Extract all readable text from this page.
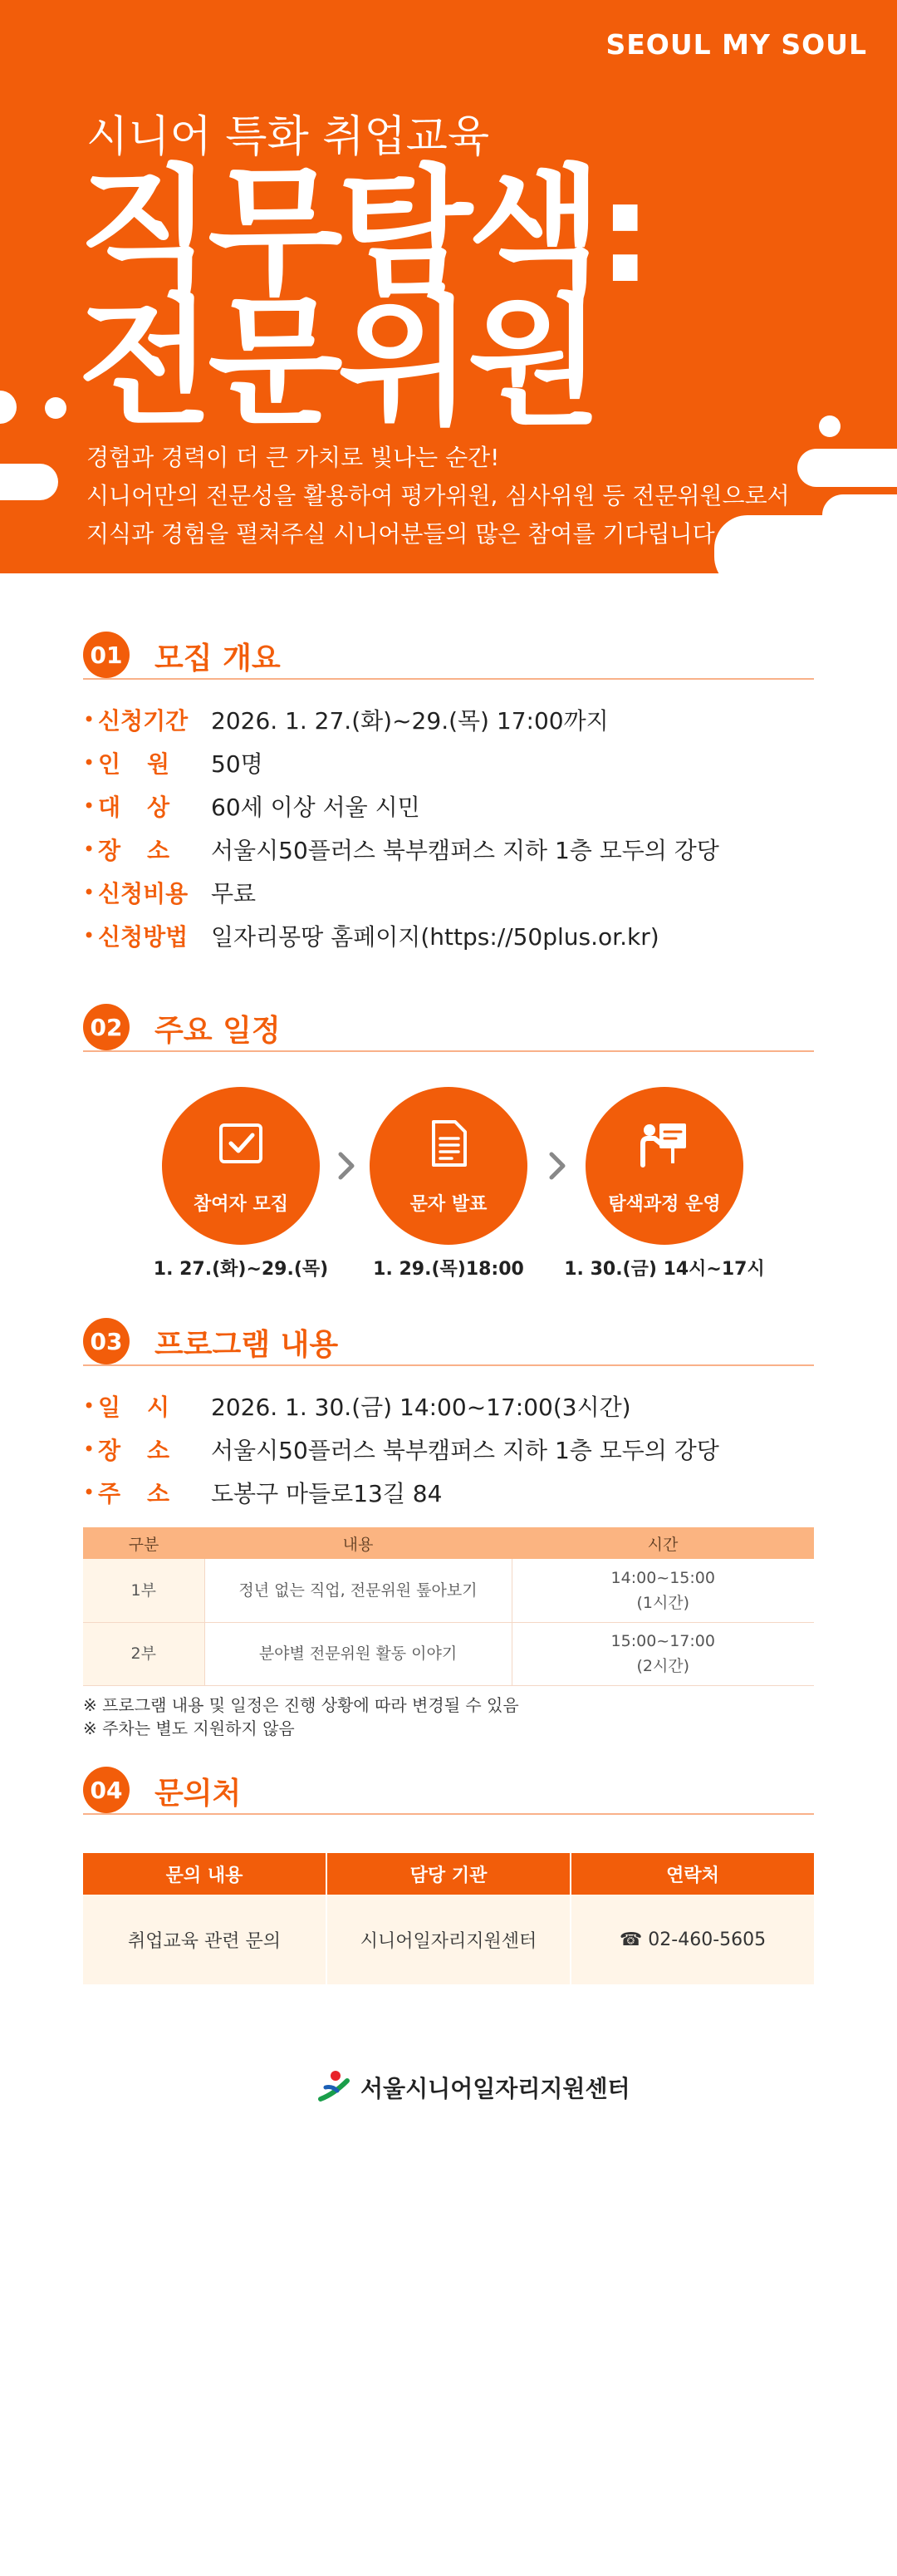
SEOUL MY SOUL
시니어 특화 취업교육
직무탐색:
전문위원
경험과 경력이 더 큰 가치로 빛나는 순간!
시니어만의 전문성을 활용하여 평가위원, 심사위원 등 전문위원으로서
지식과 경험을 펼쳐주실 시니어분들의 많은 참여를 기다립니다.
01 모집 개요
• 신청기간 2026. 1. 27.(화)~29.(목) 17:00까지
• 인원 50명
• 대상 60세 이상 서울 시민
• 장소 서울시50플러스 북부캠퍼스 지하 1층 모두의 강당
• 신청비용 무료
• 신청방법 일자리몽땅 홈페이지(https://50plus.or.kr)
02 주요 일정
참여자 모집	문자 발표	탐색과정 운영
1. 27.(화)~29.(목)	1. 29.(목)18:00	1. 30.(금) 14시~17시
03 프로그램 내용
• 일시 2026. 1. 30.(금) 14:00~17:00(3시간)
• 장소 서울시50플러스 북부캠퍼스 지하 1층 모두의 강당
• 주소 도봉구 마들로13길 84
구분	내용	시간
1부	정년 없는 직업, 전문위원 톺아보기	14:00~15:00
(1시간)

2부	분야별 전문위원 활동 이야기	15:00~17:00
(2시간)
※ 프로그램 내용 및 일정은 진행 상황에 따라 변경될 수 있음
※ 주차는 별도 지원하지 않음
04 문의처
문의 내용	담당 기관	연락처
취업교육 관련 문의	시니어일자리지원센터	☎ 02-460-5605
서울시니어일자리지원센터
